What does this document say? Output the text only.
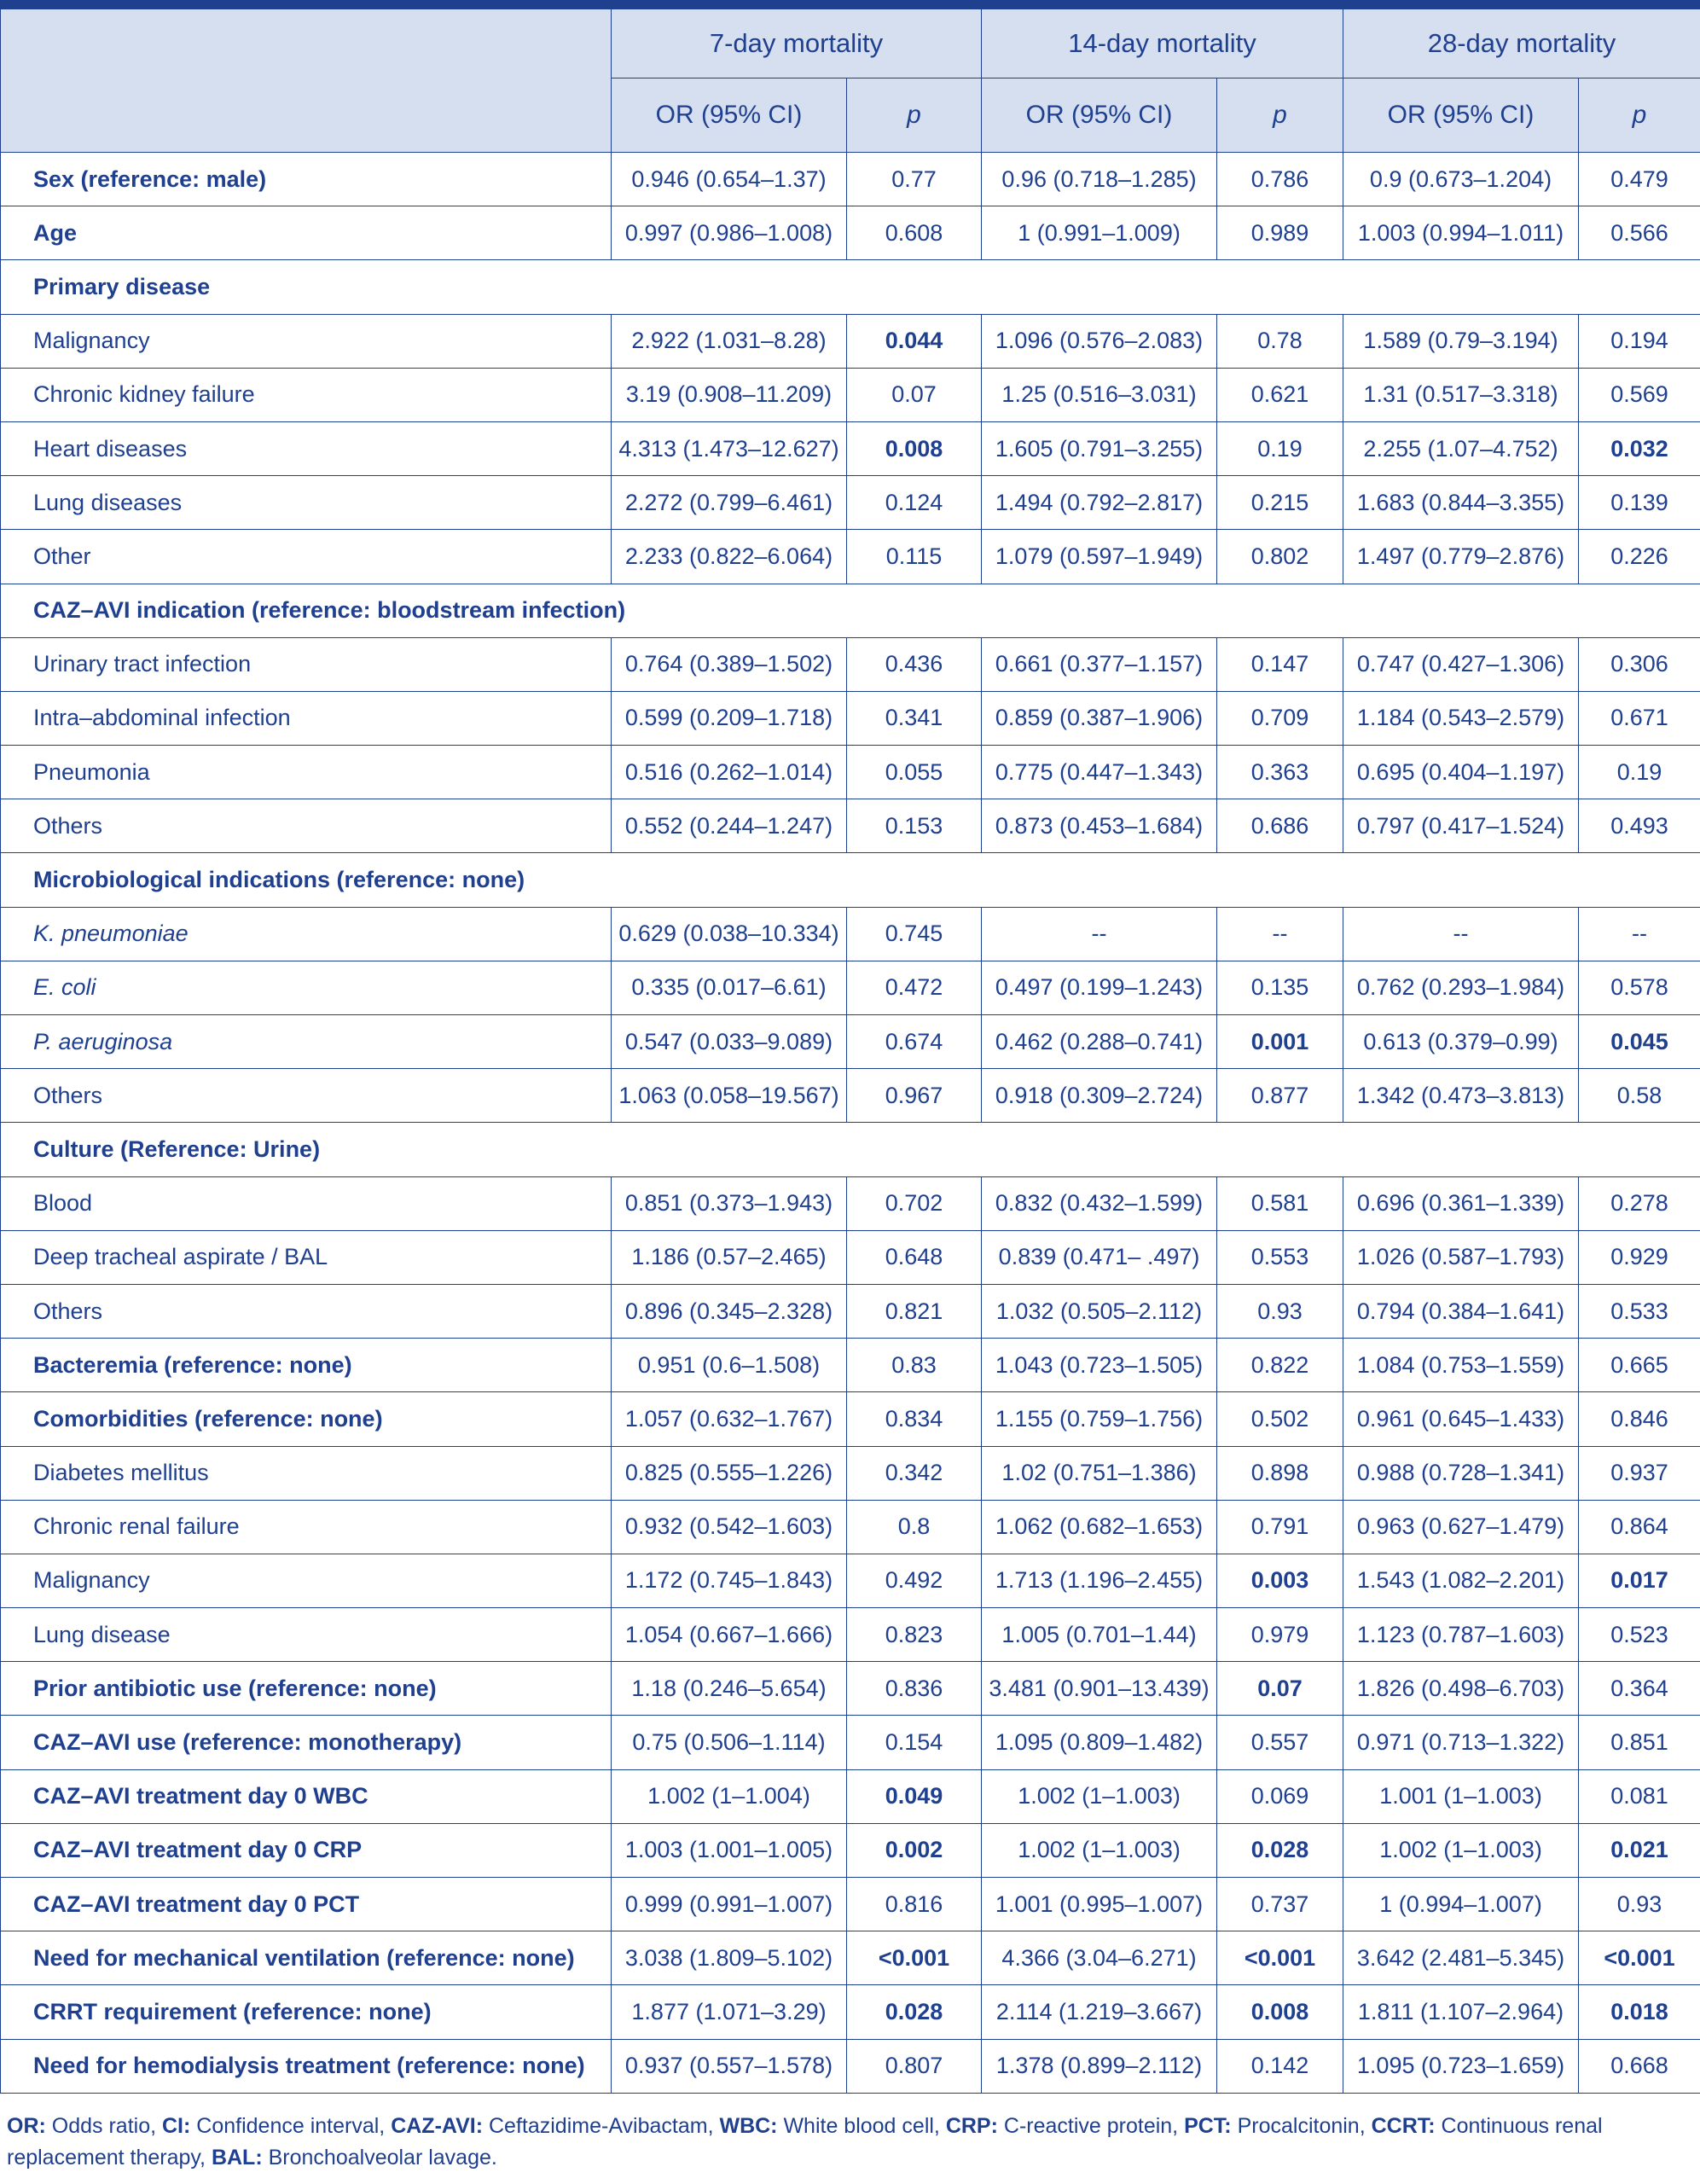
	7-day mortality		14-day mortality		28-day mortality	
	OR (95% CI)	p	OR (95% CI)	p	OR (95% CI)	p
Sex (reference: male)	0.946 (0.654–1.37)	0.77	0.96 (0.718–1.285)	0.786	0.9 (0.673–1.204)	0.479
Age	0.997 (0.986–1.008)	0.608	1 (0.991–1.009)	0.989	1.003 (0.994–1.011)	0.566
Primary disease						
Malignancy	2.922 (1.031–8.28)	0.044	1.096 (0.576–2.083)	0.78	1.589 (0.79–3.194)	0.194
Chronic kidney failure	3.19 (0.908–11.209)	0.07	1.25 (0.516–3.031)	0.621	1.31 (0.517–3.318)	0.569
Heart diseases	4.313 (1.473–12.627)	0.008	1.605 (0.791–3.255)	0.19	2.255 (1.07–4.752)	0.032
Lung diseases	2.272 (0.799–6.461)	0.124	1.494 (0.792–2.817)	0.215	1.683 (0.844–3.355)	0.139
Other	2.233 (0.822–6.064)	0.115	1.079 (0.597–1.949)	0.802	1.497 (0.779–2.876)	0.226
CAZ–AVI indication (reference: bloodstream infection)						
Urinary tract infection	0.764 (0.389–1.502)	0.436	0.661 (0.377–1.157)	0.147	0.747 (0.427–1.306)	0.306
Intra–abdominal infection	0.599 (0.209–1.718)	0.341	0.859 (0.387–1.906)	0.709	1.184 (0.543–2.579)	0.671
Pneumonia	0.516 (0.262–1.014)	0.055	0.775 (0.447–1.343)	0.363	0.695 (0.404–1.197)	0.19
Others	0.552 (0.244–1.247)	0.153	0.873 (0.453–1.684)	0.686	0.797 (0.417–1.524)	0.493
Microbiological indications (reference: none)						
K. pneumoniae	0.629 (0.038–10.334)	0.745	--	--	--	--
E. coli	0.335 (0.017–6.61)	0.472	0.497 (0.199–1.243)	0.135	0.762 (0.293–1.984)	0.578
P. aeruginosa	0.547 (0.033–9.089)	0.674	0.462 (0.288–0.741)	0.001	0.613 (0.379–0.99)	0.045
Others	1.063 (0.058–19.567)	0.967	0.918 (0.309–2.724)	0.877	1.342 (0.473–3.813)	0.58
Culture (Reference: Urine)						
Blood	0.851 (0.373–1.943)	0.702	0.832 (0.432–1.599)	0.581	0.696 (0.361–1.339)	0.278
Deep tracheal aspirate / BAL	1.186 (0.57–2.465)	0.648	0.839 (0.471– .497)	0.553	1.026 (0.587–1.793)	0.929
Others	0.896 (0.345–2.328)	0.821	1.032 (0.505–2.112)	0.93	0.794 (0.384–1.641)	0.533
Bacteremia (reference: none)	0.951 (0.6–1.508)	0.83	1.043 (0.723–1.505)	0.822	1.084 (0.753–1.559)	0.665
Comorbidities (reference: none)	1.057 (0.632–1.767)	0.834	1.155 (0.759–1.756)	0.502	0.961 (0.645–1.433)	0.846
Diabetes mellitus	0.825 (0.555–1.226)	0.342	1.02 (0.751–1.386)	0.898	0.988 (0.728–1.341)	0.937
Chronic renal failure	0.932 (0.542–1.603)	0.8	1.062 (0.682–1.653)	0.791	0.963 (0.627–1.479)	0.864
Malignancy	1.172 (0.745–1.843)	0.492	1.713 (1.196–2.455)	0.003	1.543 (1.082–2.201)	0.017
Lung disease	1.054 (0.667–1.666)	0.823	1.005 (0.701–1.44)	0.979	1.123 (0.787–1.603)	0.523
Prior antibiotic use (reference: none)	1.18 (0.246–5.654)	0.836	3.481 (0.901–13.439)	0.07	1.826 (0.498–6.703)	0.364
CAZ–AVI use (reference: monotherapy)	0.75 (0.506–1.114)	0.154	1.095 (0.809–1.482)	0.557	0.971 (0.713–1.322)	0.851
CAZ–AVI treatment day 0 WBC	1.002 (1–1.004)	0.049	1.002 (1–1.003)	0.069	1.001 (1–1.003)	0.081
CAZ–AVI treatment day 0 CRP	1.003 (1.001–1.005)	0.002	1.002 (1–1.003)	0.028	1.002 (1–1.003)	0.021
CAZ–AVI treatment day 0 PCT	0.999 (0.991–1.007)	0.816	1.001 (0.995–1.007)	0.737	1 (0.994–1.007)	0.93
Need for mechanical ventilation (reference: none)	3.038 (1.809–5.102)	<0.001	4.366 (3.04–6.271)	<0.001	3.642 (2.481–5.345)	<0.001
CRRT requirement (reference: none)	1.877 (1.071–3.29)	0.028	2.114 (1.219–3.667)	0.008	1.811 (1.107–2.964)	0.018
Need for hemodialysis treatment (reference: none)	0.937 (0.557–1.578)	0.807	1.378 (0.899–2.112)	0.142	1.095 (0.723–1.659)	0.668
OR: Odds ratio, CI: Confidence interval, CAZ-AVI: Ceftazidime-Avibactam, WBC: White blood cell, CRP: C-reactive protein, PCT: Procalcitonin, CCRT: Continuous renal replacement therapy, BAL: Bronchoalveolar lavage.
